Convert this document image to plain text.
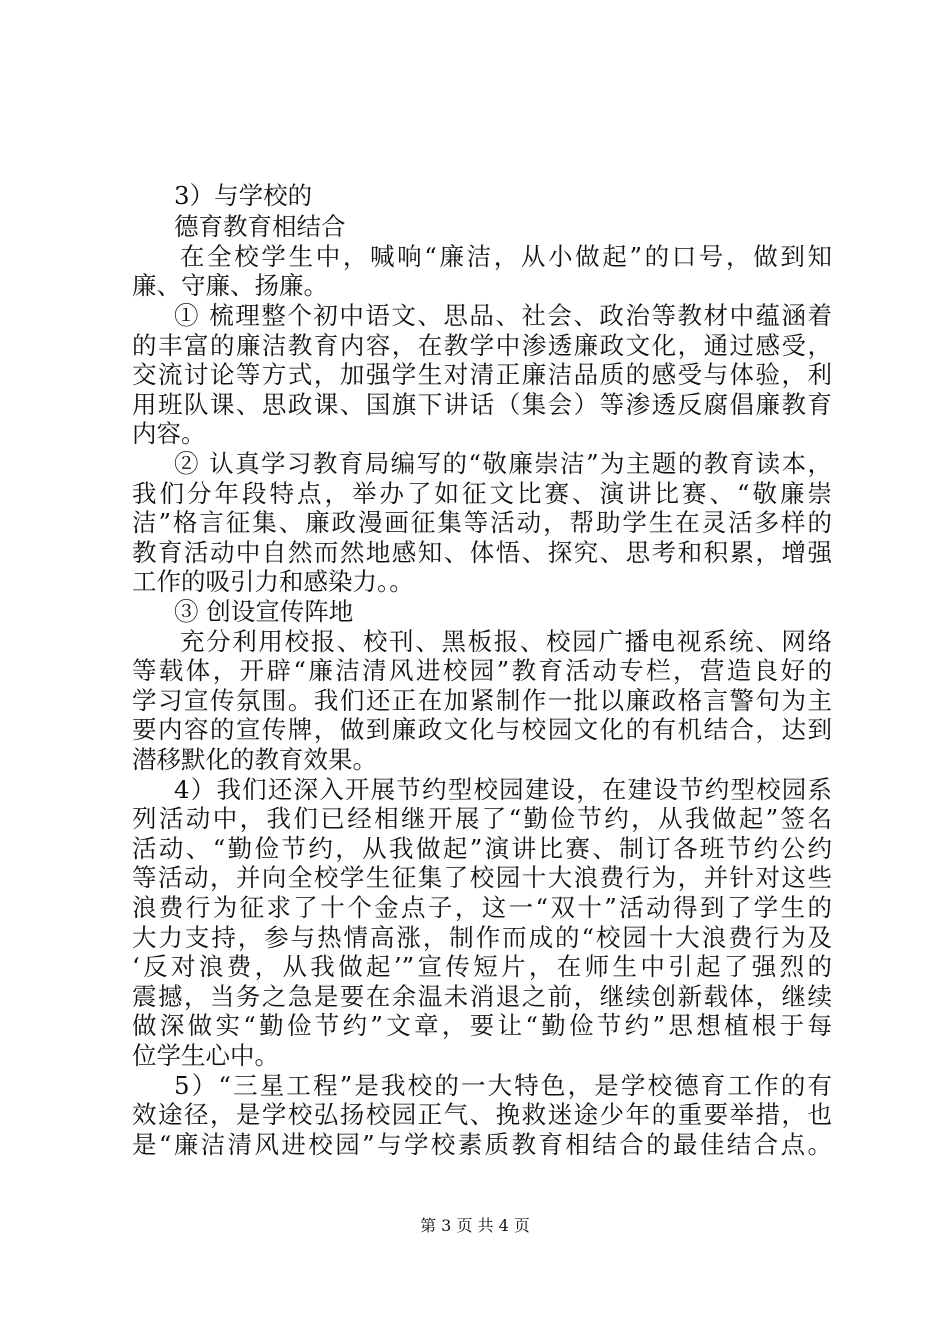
3）与学校的
德育教育相结合
在全校学生中，喊响“廉洁，从小做起”的口号，做到知
廉、守廉、扬廉。
① 梳理整个初中语文、思品、社会、政治等教材中蕴涵着
的丰富的廉洁教育内容，在教学中渗透廉政文化，通过感受，
交流讨论等方式，加强学生对清正廉洁品质的感受与体验，利
用班队课、思政课、国旗下讲话（集会）等渗透反腐倡廉教育
内容。
② 认真学习教育局编写的“敬廉崇洁”为主题的教育读本，
我们分年段特点，举办了如征文比赛、演讲比赛、“敬廉崇
洁”格言征集、廉政漫画征集等活动，帮助学生在灵活多样的
教育活动中自然而然地感知、体悟、探究、思考和积累，增强
工作的吸引力和感染力。。
③ 创设宣传阵地
充分利用校报、校刊、黑板报、校园广播电视系统、网络
等载体，开辟“廉洁清风进校园”教育活动专栏，营造良好的
学习宣传氛围。我们还正在加紧制作一批以廉政格言警句为主
要内容的宣传牌，做到廉政文化与校园文化的有机结合，达到
潜移默化的教育效果。
4）我们还深入开展节约型校园建设，在建设节约型校园系
列活动中，我们已经相继开展了“勤俭节约，从我做起”签名
活动、“勤俭节约，从我做起”演讲比赛、制订各班节约公约
等活动，并向全校学生征集了校园十大浪费行为，并针对这些
浪费行为征求了十个金点子，这一“双十”活动得到了学生的
大力支持，参与热情高涨，制作而成的“校园十大浪费行为及
‘反对浪费，从我做起’”宣传短片，在师生中引起了强烈的
震撼，当务之急是要在余温未消退之前，继续创新载体，继续
做深做实“勤俭节约”文章，要让“勤俭节约”思想植根于每
位学生心中。
5）“三星工程”是我校的一大特色，是学校德育工作的有
效途径，是学校弘扬校园正气、挽救迷途少年的重要举措，也
是“廉洁清风进校园”与学校素质教育相结合的最佳结合点。
第 3 页 共 4 页
